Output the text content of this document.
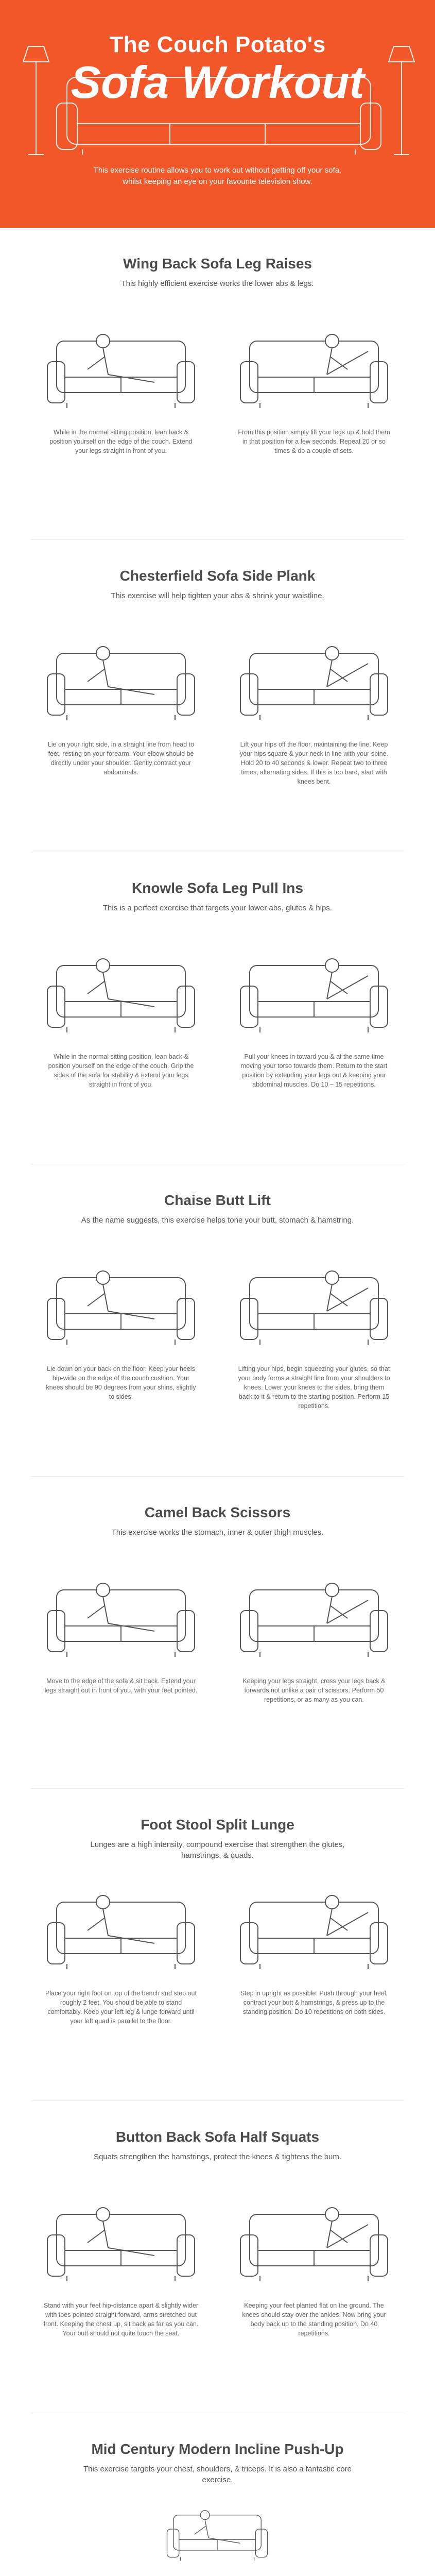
The Couch Potato's
Sofa Workout

This exercise routine allows you to work out without getting off your sofa, whilst keeping an eye on your favourite television show.

Wing Back Sofa Leg Raises

This highly efficient exercise works the lower abs & legs.

While in the normal sitting position, lean back & position yourself on the edge of the couch. Extend your legs straight in front of you.

From this position simply lift your legs up & hold them in that position for a few seconds. Repeat 20 or so times & do a couple of sets.

Chesterfield Sofa Side Plank

This exercise will help tighten your abs & shrink your waistline.

Lie on your right side, in a straight line from head to feet, resting on your forearm. Your elbow should be directly under your shoulder. Gently contract your abdominals.

Lift your hips off the floor, maintaining the line. Keep your hips square & your neck in line with your spine. Hold 20 to 40 seconds & lower. Repeat two to three times, alternating sides. If this is too hard, start with knees bent.

Knowle Sofa Leg Pull Ins

This is a perfect exercise that targets your lower abs, glutes & hips.

While in the normal sitting position, lean back & position yourself on the edge of the couch. Grip the sides of the sofa for stability & extend your legs straight in front of you.

Pull your knees in toward you & at the same time moving your torso towards them. Return to the start position by extending your legs out & keeping your abdominal muscles. Do 10 – 15 repetitions.

Chaise Butt Lift

As the name suggests, this exercise helps tone your butt, stomach & hamstring.

Lie down on your back on the floor. Keep your heels hip-wide on the edge of the couch cushion. Your knees should be 90 degrees from your shins, slightly to sides.

Lifting your hips, begin squeezing your glutes, so that your body forms a straight line from your shoulders to knees. Lower your knees to the sides, bring them back to it & return to the starting position. Perform 15 repetitions.

Camel Back Scissors

This exercise works the stomach, inner & outer thigh muscles.

Move to the edge of the sofa & sit back. Extend your legs straight out in front of you, with your feet pointed.

Keeping your legs straight, cross your legs back & forwards not unlike a pair of scissors. Perform 50 repetitions, or as many as you can.

Foot Stool Split Lunge

Lunges are a high intensity, compound exercise that strengthen the glutes, hamstrings, & quads.

Place your right foot on top of the bench and step out roughly 2 feet. You should be able to stand comfortably. Keep your left leg & lunge forward until your left quad is parallel to the floor.

Step in upright as possible. Push through your heel, contract your butt & hamstrings, & press up to the standing position. Do 10 repetitions on both sides.

Button Back Sofa Half Squats

Squats strengthen the hamstrings, protect the knees & tightens the bum.

Stand with your feet hip-distance apart & slightly wider with toes pointed straight forward, arms stretched out front. Keeping the chest up, sit back as far as you can. Your butt should not quite touch the seat.

Keeping your feet planted flat on the ground. The knees should stay over the ankles. Now bring your body back up to the standing position. Do 40 repetitions.

Mid Century Modern Incline Push-Up

This exercise targets your chest, shoulders, & triceps. It is also a fantastic core exercise.
